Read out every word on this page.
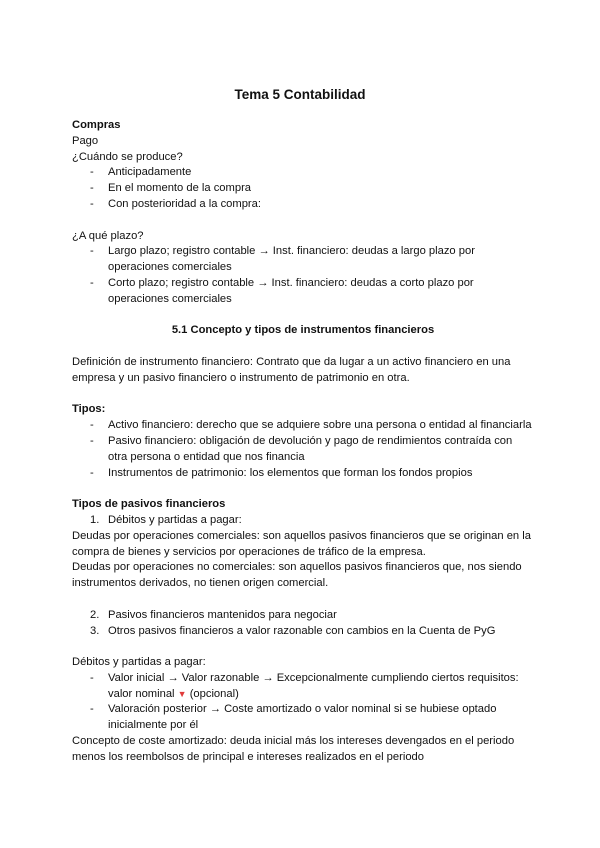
Tema 5 Contabilidad

Compras

Pago

¿Cuándo se produce?

- Anticipadamente
- En el momento de la compra
- Con posterioridad a la compra:

¿A qué plazo?

- Largo plazo; registro contable → Inst. financiero: deudas a largo plazo por operaciones comerciales
- Corto plazo; registro contable → Inst. financiero: deudas a corto plazo por operaciones comerciales

5.1 Concepto y tipos de instrumentos financieros

Definición de instrumento financiero: Contrato que da lugar a un activo financiero en una empresa y un pasivo financiero o instrumento de patrimonio en otra.

Tipos:

- Activo financiero: derecho que se adquiere sobre una persona o entidad al financiarla
- Pasivo financiero: obligación de devolución y pago de rendimientos contraída con otra persona o entidad que nos financia
- Instrumentos de patrimonio: los elementos que forman los fondos propios

Tipos de pasivos financieros

1. Débitos y partidas a pagar:

Deudas por operaciones comerciales: son aquellos pasivos financieros que se originan en la compra de bienes y servicios por operaciones de tráfico de la empresa.

Deudas por operaciones no comerciales: son aquellos pasivos financieros que, nos siendo instrumentos derivados, no tienen origen comercial.

2. Pasivos financieros mantenidos para negociar
3. Otros pasivos financieros a valor razonable con cambios en la Cuenta de PyG

Débitos y partidas a pagar:

- Valor inicial → Valor razonable → Excepcionalmente cumpliendo ciertos requisitos: valor nominal ▼ (opcional)
- Valoración posterior → Coste amortizado o valor nominal si se hubiese optado inicialmente por él

Concepto de coste amortizado: deuda inicial más los intereses devengados en el periodo menos los reembolsos de principal e intereses realizados en el periodo
